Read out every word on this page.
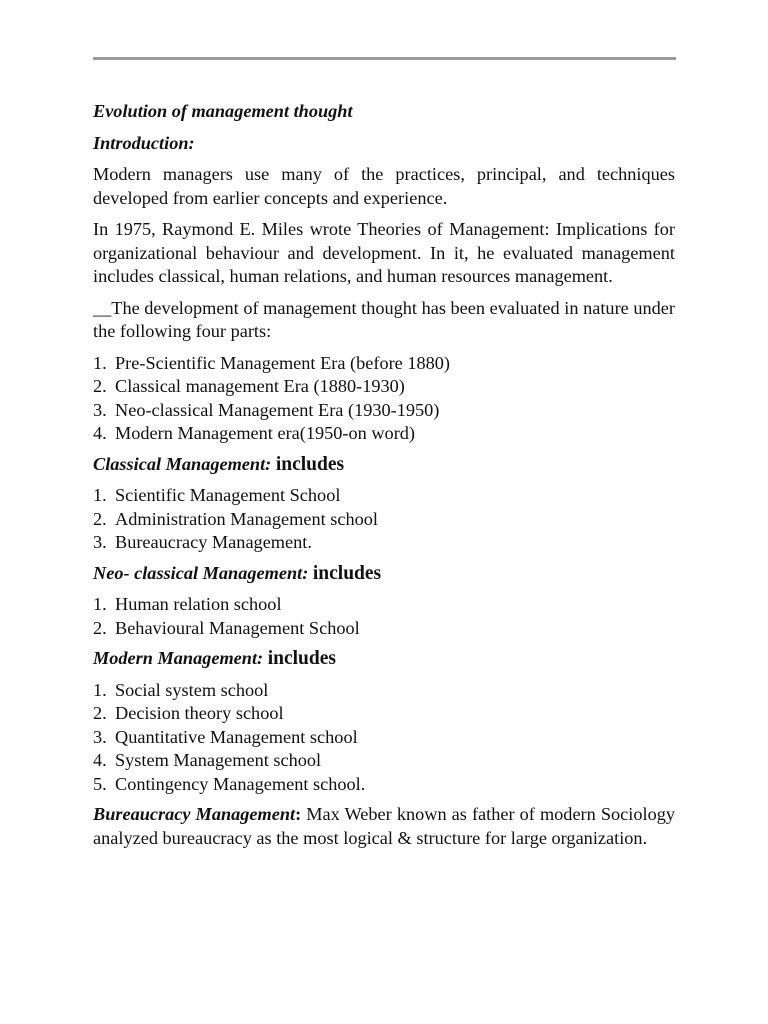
Evolution of management thought
Introduction:

Modern managers use many of the practices, principal, and techniques developed from earlier concepts and experience.

In 1975, Raymond E. Miles wrote Theories of Management: Implications for organizational behaviour and development. In it, he evaluated management includes classical, human relations, and human resources management.

__The development of management thought has been evaluated in nature under the following four parts:

1. Pre-Scientific Management Era (before 1880)
2. Classical management Era (1880-1930)
3. Neo-classical Management Era (1930-1950)
4. Modern Management era(1950-on word)
Classical Management: includes
1. Scientific Management School
2. Administration Management school
3. Bureaucracy Management.
Neo- classical Management: includes
1. Human relation school
2. Behavioural Management School
Modern Management: includes
1. Social system school
2. Decision theory school
3. Quantitative Management school
4. System Management school
5. Contingency Management school.

Bureaucracy Management: Max Weber known as father of modern Sociology analyzed bureaucracy as the most logical & structure for large organization.
